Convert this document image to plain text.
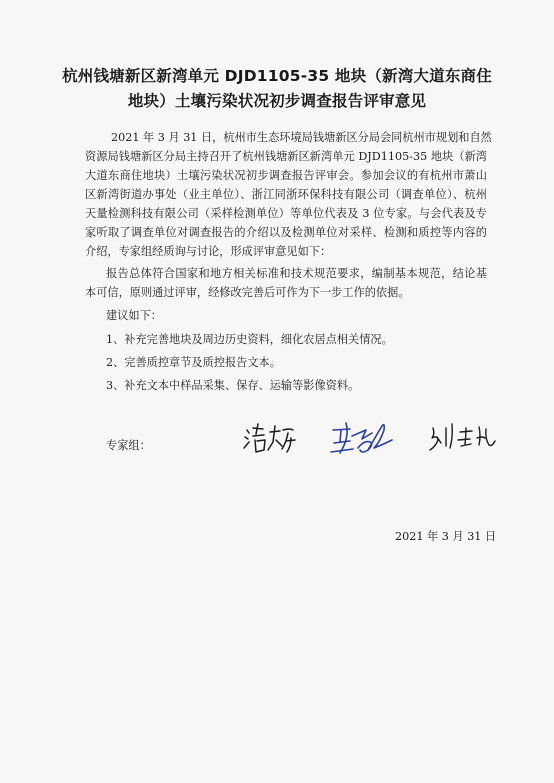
杭州钱塘新区新湾单元 DJD1105-35 地块（新湾大道东商住
地块）土壤污染状况初步调查报告评审意见
2021 年 3 月 31 日，杭州市生态环境局钱塘新区分局会同杭州市规划和自然
资源局钱塘新区分局主持召开了杭州钱塘新区新湾单元 DJD1105-35 地块（新湾
大道东商住地块）土壤污染状况初步调查报告评审会。参加会议的有杭州市萧山
区新湾街道办事处（业主单位）、浙江同浙环保科技有限公司（调查单位）、杭州
天量检测科技有限公司（采样检测单位）等单位代表及 3 位专家。与会代表及专
家听取了调查单位对调查报告的介绍以及检测单位对采样、检测和质控等内容的
介绍，专家组经质询与讨论，形成评审意见如下：
报告总体符合国家和地方相关标准和技术规范要求，编制基本规范，结论基
本可信，原则通过评审，经修改完善后可作为下一步工作的依据。
建议如下：
1、补充完善地块及周边历史资料，细化农居点相关情况。
2、完善质控章节及质控报告文本。
3、补充文本中样品采集、保存、运输等影像资料。
专家组：
2021 年 3 月 31 日
